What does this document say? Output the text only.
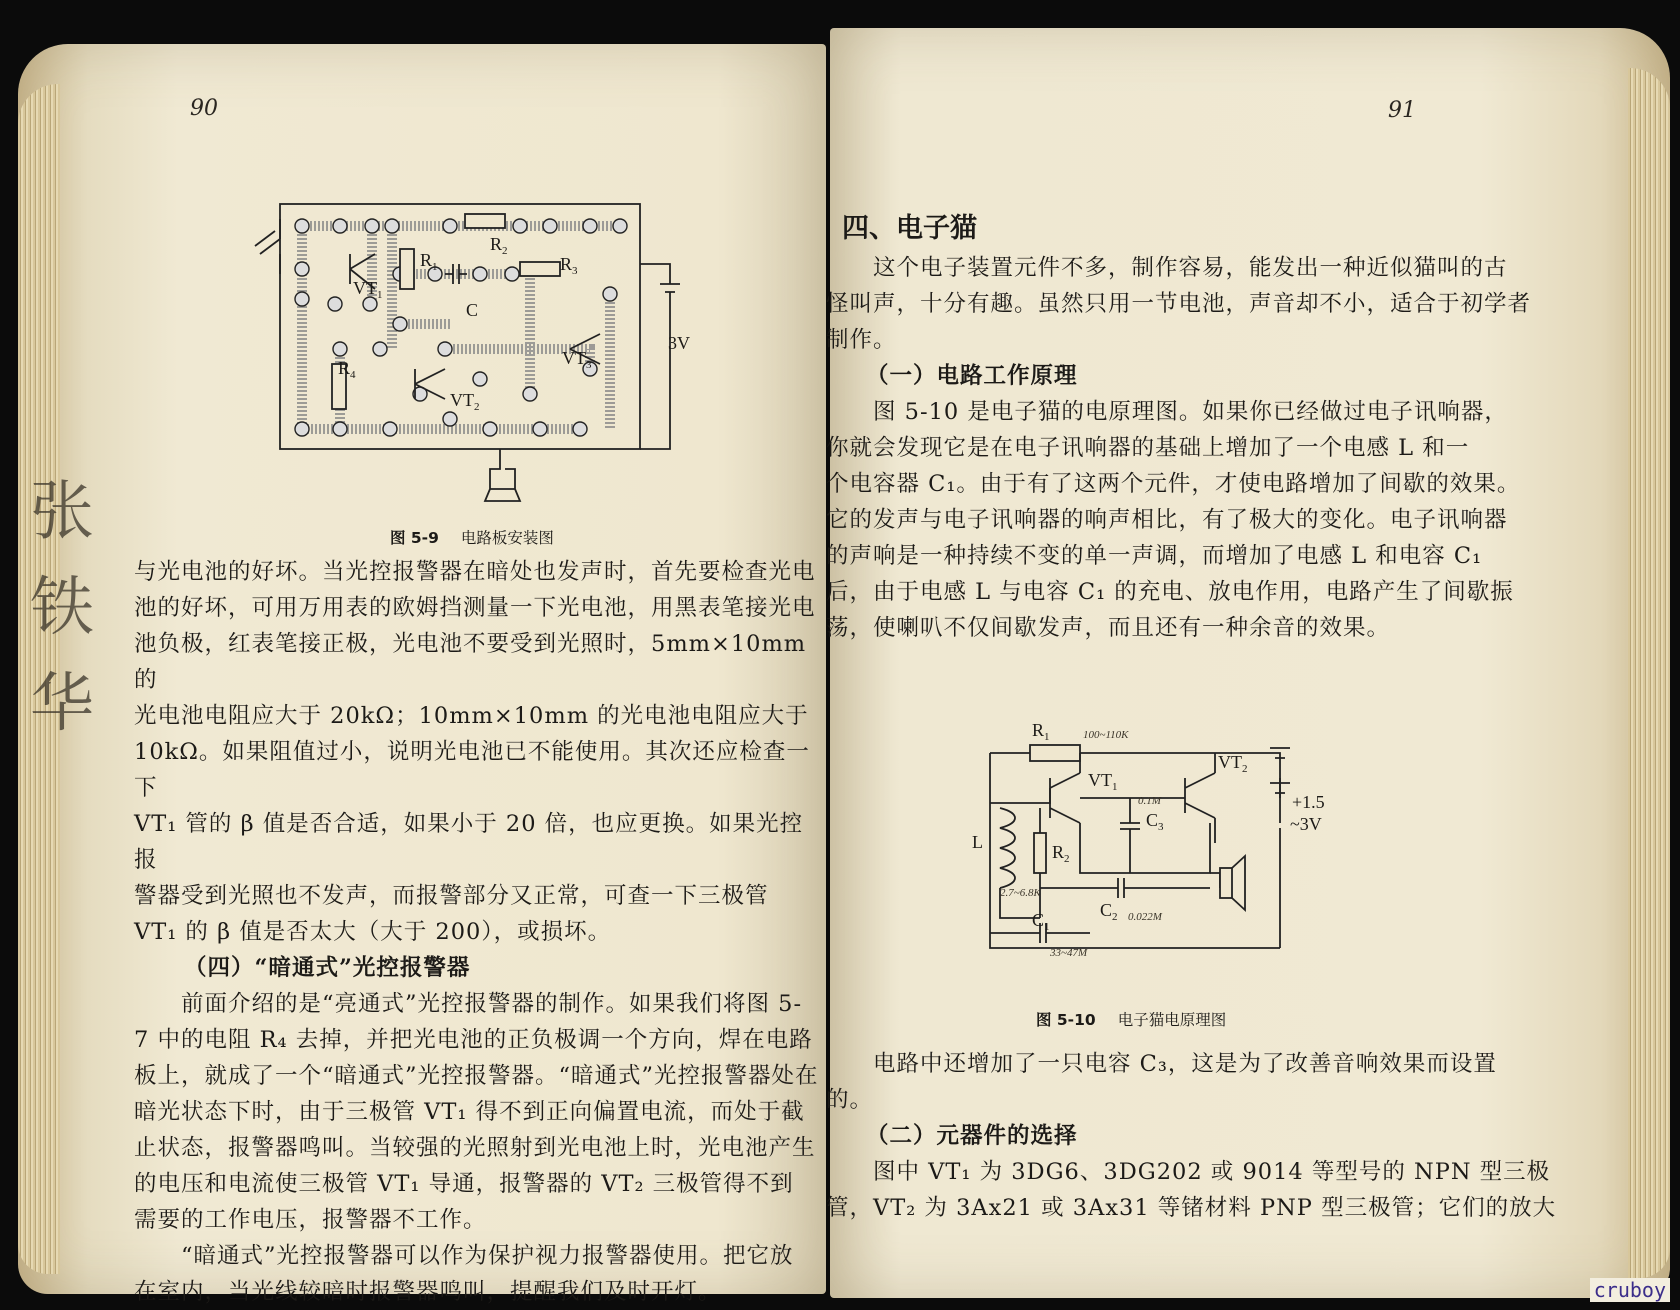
90
$R_1$
$R_2$
$R_3$
$R_4$
$VT_1$
$VT_2$
$VT_3$
C
3V
图 5-9 电路板安装图

与光电池的好坏。当光控报警器在暗处也发声时，首先要检查光电

池的好坏，可用万用表的欧姆挡测量一下光电池，用黑表笔接光电

池负极，红表笔接正极，光电池不要受到光照时，5mm×10mm 的

光电池电阻应大于 20kΩ；10mm×10mm 的光电池电阻应大于

10kΩ。如果阻值过小，说明光电池已不能使用。其次还应检查一下

VT₁ 管的 β 值是否合适，如果小于 20 倍，也应更换。如果光控报

警器受到光照也不发声，而报警部分又正常，可查一下三极管

VT₁ 的 β 值是否太大（大于 200），或损坏。

（四）“暗通式”光控报警器

　　前面介绍的是“亮通式”光控报警器的制作。如果我们将图 5-

7 中的电阻 R₄ 去掉，并把光电池的正负极调一个方向，焊在电路

板上，就成了一个“暗通式”光控报警器。“暗通式”光控报警器处在

暗光状态下时，由于三极管 VT₁ 得不到正向偏置电流，而处于截

止状态，报警器鸣叫。当较强的光照射到光电池上时，光电池产生

的电压和电流使三极管 VT₁ 导通，报警器的 VT₂ 三极管得不到

需要的工作电压，报警器不工作。

　　“暗通式”光控报警器可以作为保护视力报警器使用。把它放

在室内，当光线较暗时报警器鸣叫，提醒我们及时开灯。

张
铁
华
91
四、电子猫

　　这个电子装置元件不多，制作容易，能发出一种近似猫叫的古

怪叫声，十分有趣。虽然只用一节电池，声音却不小，适合于初学者

制作。

（一）电路工作原理

　　图 5-10 是电子猫的电原理图。如果你已经做过电子讯响器，

你就会发现它是在电子讯响器的基础上增加了一个电感 L 和一

个电容器 C₁。由于有了这两个元件，才使电路增加了间歇的效果。

它的发声与电子讯响器的响声相比，有了极大的变化。电子讯响器

的声响是一种持续不变的单一声调，而增加了电感 L 和电容 C₁

后，由于电感 L 与电容 C₁ 的充电、放电作用，电路产生了间歇振

荡，使喇叭不仅间歇发声，而且还有一种余音的效果。

$R_1$
$R_2$
$VT_1$
$VT_2$
$C_3$
$C_2$
$C_1$
L
+1.5
~3V
100~110K
0.1M
2.7~6.8K
0.022M
33~47M
图 5-10 电子猫电原理图

　　电路中还增加了一只电容 C₃，这是为了改善音响效果而设置

的。

（二）元器件的选择

　　图中 VT₁ 为 3DG6、3DG202 或 9014 等型号的 NPN 型三极

管，VT₂ 为 3Ax21 或 3Ax31 等锗材料 PNP 型三极管；它们的放大

cruboy
